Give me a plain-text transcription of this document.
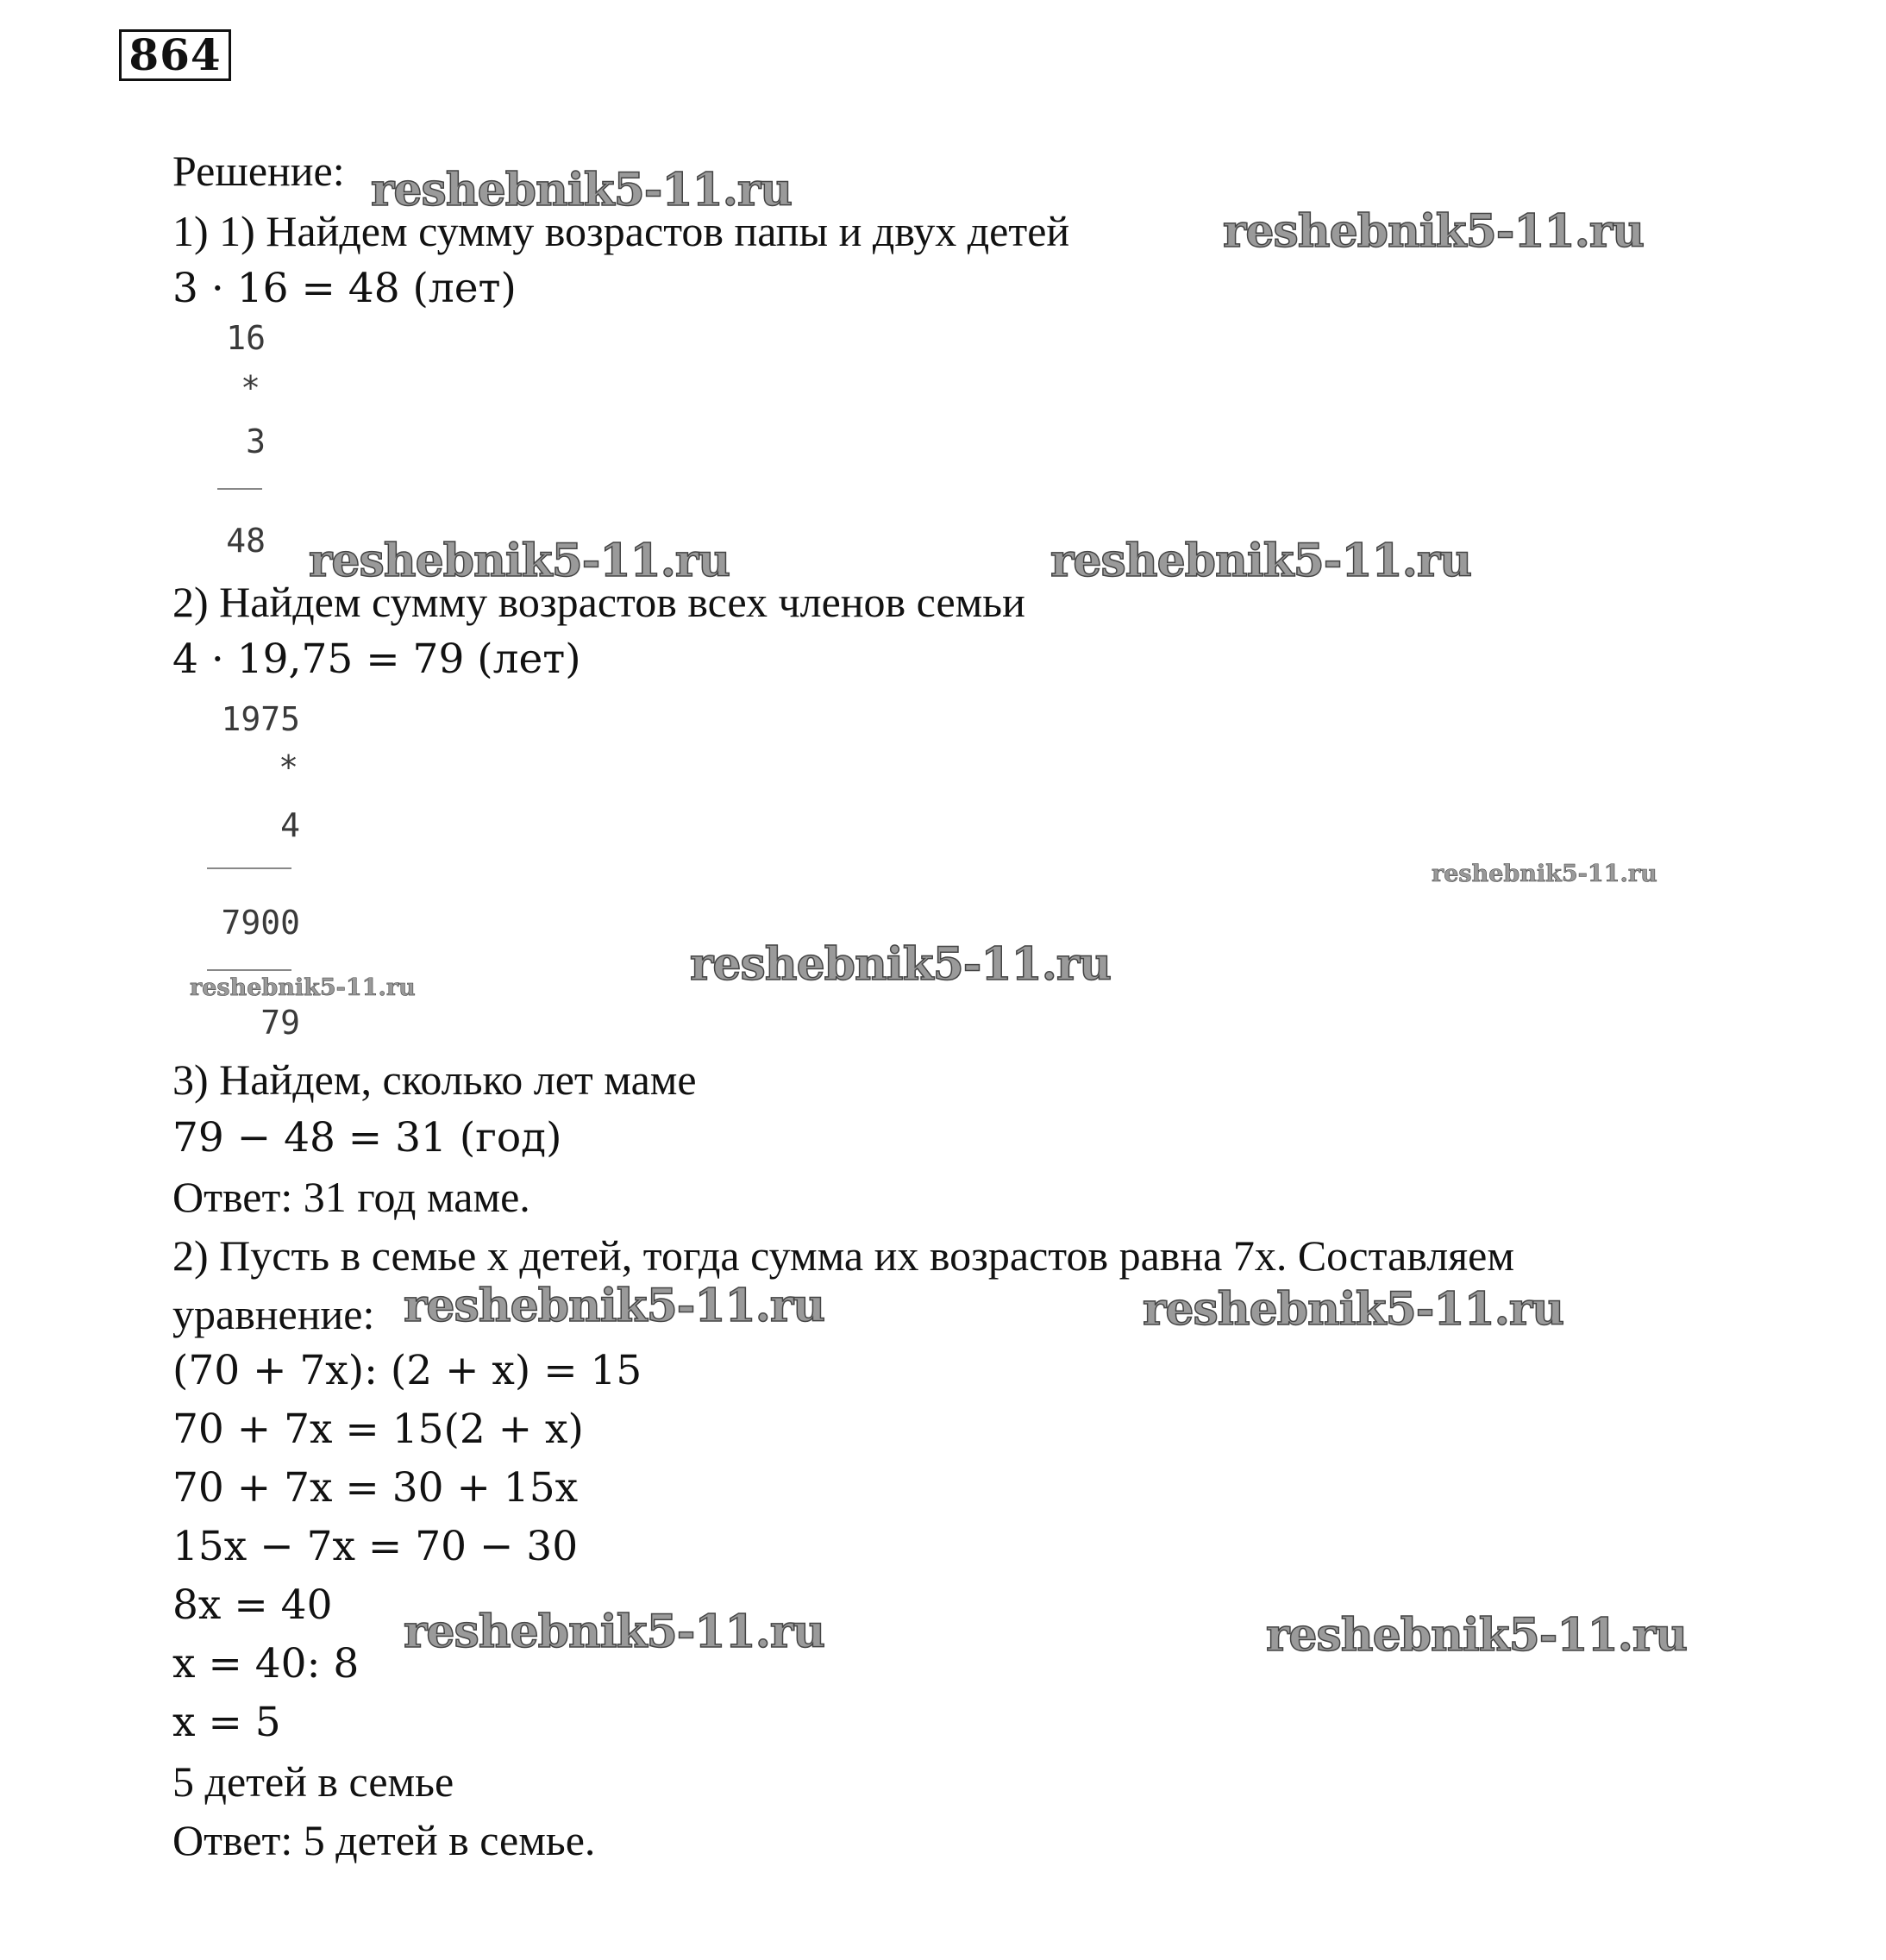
864
Решение:
1) 1) Найдем сумму возрастов папы и двух детей
3 · 16 = 48 (лет)
16
*
3
48
2) Найдем сумму возрастов всех членов семьи
4 · 19,75 = 79 (лет)
1975
*
4
7900
79
3) Найдем, сколько лет маме
79 − 48 = 31 (год)
Ответ: 31 год маме.
2) Пусть в семье x детей, тогда сумма их возрастов равна 7x. Составляем
уравнение:
(70 + 7x): (2 + x) = 15
70 + 7x = 15(2 + x)
70 + 7x = 30 + 15x
15x − 7x = 70 − 30
8x = 40
x = 40: 8
x = 5
5 детей в семье
Ответ: 5 детей в семье.
reshebnik5-11.ru
reshebnik5-11.ru
reshebnik5-11.ru	reshebnik5-11.ru
reshebnik5-11.ru
reshebnik5-11.ru	reshebnik5-11.ru
reshebnik5-11.ru	reshebnik5-11.ru
reshebnik5-11.ru	reshebnik5-11.ru
